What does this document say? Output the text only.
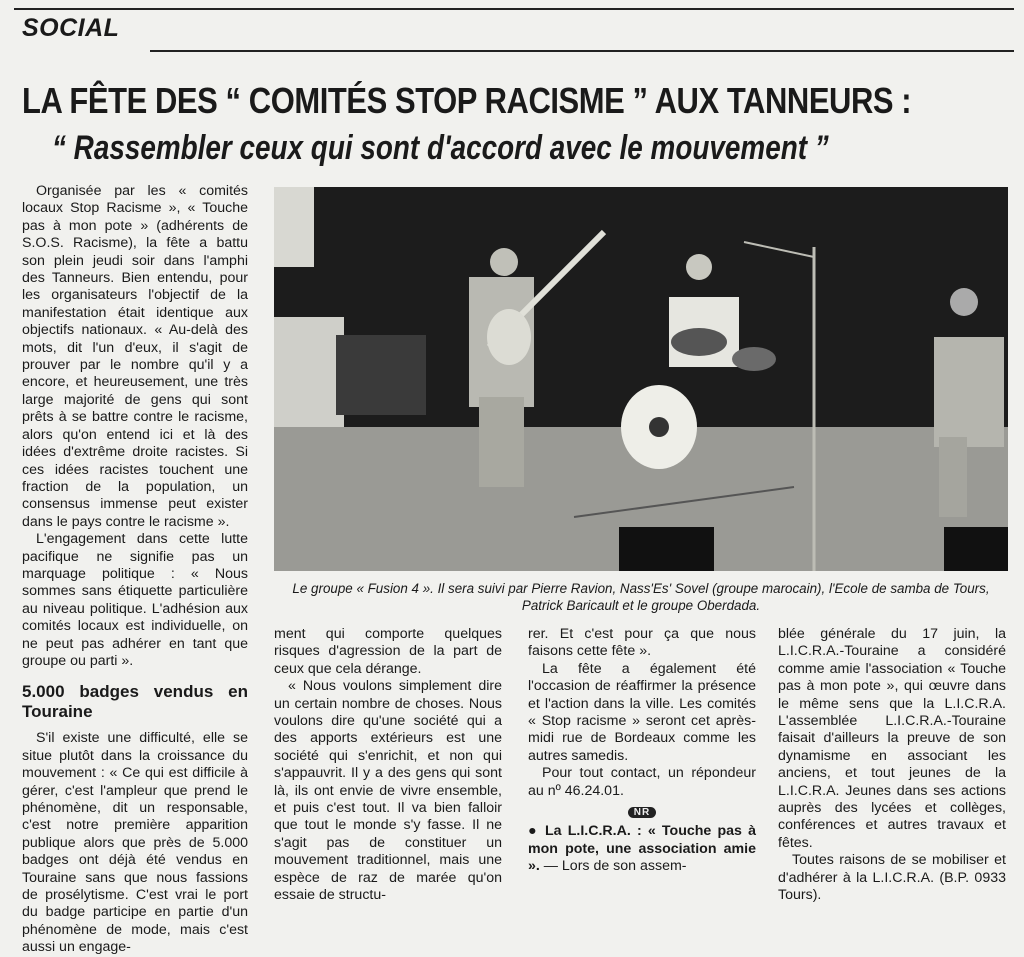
SOCIAL
LA FÊTE DES “ COMITÉS STOP RACISME ” AUX TANNEURS :
“ Rassembler ceux qui sont d'accord avec le mouvement ”

Organisée par les « comités locaux Stop Racisme », « Touche pas à mon pote » (adhérents de S.O.S. Racisme), la fête a battu son plein jeudi soir dans l'amphi des Tanneurs. Bien entendu, pour les organisateurs l'objectif de la manifestation était identique aux objectifs nationaux. « Au-delà des mots, dit l'un d'eux, il s'agit de prouver par le nombre qu'il y a encore, et heureusement, une très large majorité de gens qui sont prêts à se battre contre le racisme, alors qu'on entend ici et là des idées d'extrême droite racistes. Si ces idées racistes touchent une fraction de la population, un consensus immense peut exister dans le pays contre le racisme ».

L'engagement dans cette lutte pacifique ne signifie pas un marquage politique : « Nous sommes sans étiquette particulière au niveau politique. L'adhésion aux comités locaux est individuelle, on ne peut pas adhérer en tant que groupe ou parti ».

5.000 badges vendus en Touraine

S'il existe une difficulté, elle se situe plutôt dans la croissance du mouvement : « Ce qui est difficile à gérer, c'est l'ampleur que prend le phénomène, dit un responsable, c'est notre première apparition publique alors que près de 5.000 badges ont déjà été vendus en Touraine sans que nous fassions de prosélytisme. C'est vrai le port du badge participe en partie d'un phénomène de mode, mais c'est aussi un engage-

Le groupe « Fusion 4 ». Il sera suivi par Pierre Ravion, Nass'Es' Sovel (groupe marocain), l'Ecole de samba de Tours, Patrick Baricault et le groupe Oberdada.

ment qui comporte quelques risques d'agression de la part de ceux que cela dérange.

« Nous voulons simplement dire un certain nombre de choses. Nous voulons dire qu'une société qui a des apports extérieurs est une société qui s'enrichit, et non qui s'appauvrit. Il y a des gens qui sont là, ils ont envie de vivre ensemble, et puis c'est tout. Il va bien falloir que tout le monde s'y fasse. Il ne s'agit pas de constituer un mouvement traditionnel, mais une espèce de raz de marée qu'on essaie de structu-

rer. Et c'est pour ça que nous faisons cette fête ».

La fête a également été l'occasion de réaffirmer la présence et l'action dans la ville. Les comités « Stop racisme » seront cet après-midi rue de Bordeaux comme les autres samedis.

Pour tout contact, un répondeur au nº 46.24.01.

NR

● La L.I.C.R.A. : « Touche pas à mon pote, une association amie ». — Lors de son assem-

blée générale du 17 juin, la L.I.C.R.A.-Touraine a considéré comme amie l'association « Touche pas à mon pote », qui œuvre dans le même sens que la L.I.C.R.A. L'assemblée L.I.C.R.A.-Touraine faisait d'ailleurs la preuve de son dynamisme en associant les anciens, et tout jeunes de la L.I.C.R.A. Jeunes dans ses actions auprès des lycées et collèges, conférences et autres travaux et fêtes.

Toutes raisons de se mobiliser et d'adhérer à la L.I.C.R.A. (B.P. 0933 Tours).
